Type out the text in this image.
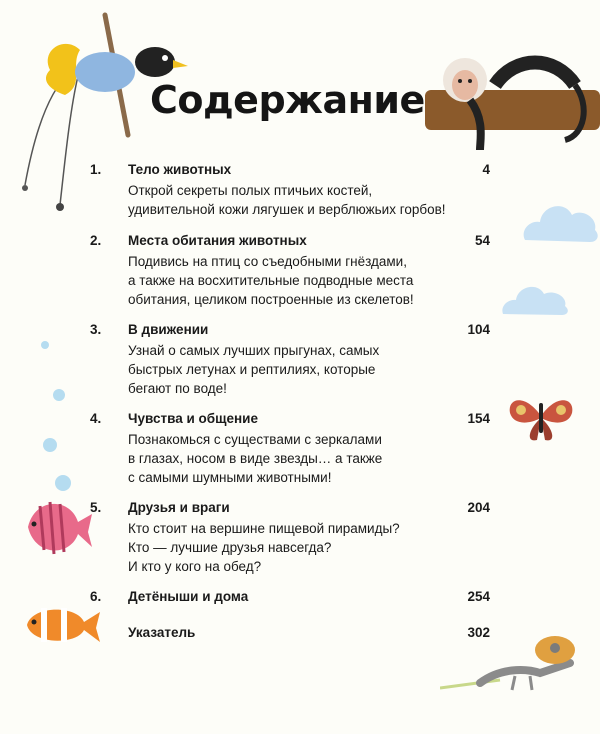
Содержание
1. Тело животных	4
Открой секреты полых птичьих костей,
удивительной кожи лягушек и верблюжьих горбов!
2. Места обитания животных	54
Подивись на птиц со съедобными гнёздами,
а также на восхитительные подводные места
обитания, целиком построенные из скелетов!
3. В движении	104
Узнай о самых лучших прыгунах, самых
быстрых летунах и рептилиях, которые
бегают по воде!
4. Чувства и общение	154
Познакомься с существами с зеркалами
в глазах, носом в виде звезды… а также
с самыми шумными животными!
5. Друзья и враги	204
Кто стоит на вершине пищевой пирамиды?
Кто — лучшие друзья навсегда?
И кто у кого на обед?
6. Детёныши и дома	254
Указатель	302
